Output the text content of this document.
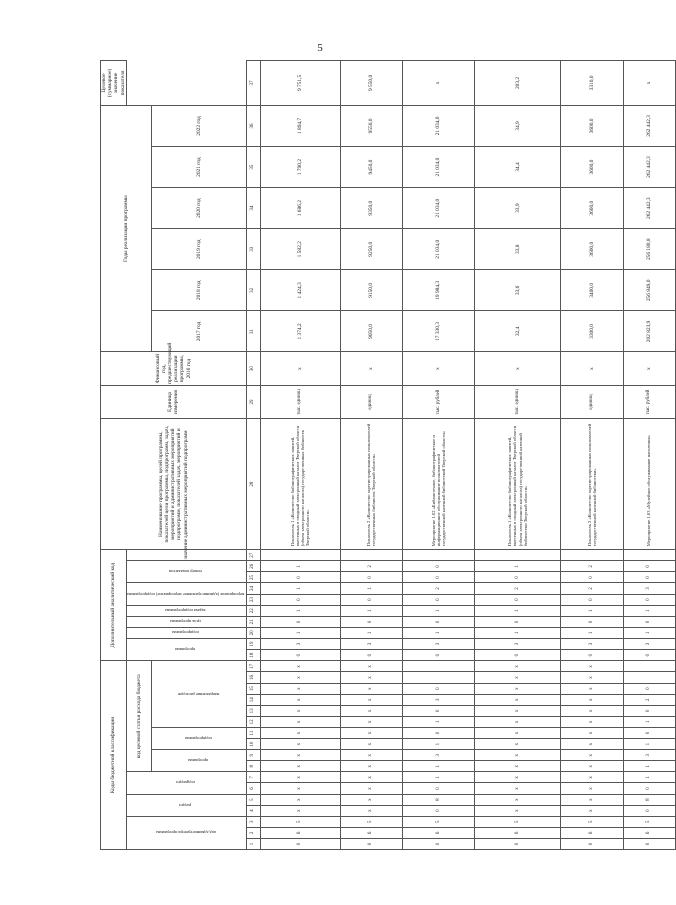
5
Коды бюджетной классификации																	Дополнительный аналитический код										Наименование программы, целей программы, показателей цели программы, подпрограмм, задач, мероприятий и административных мероприятий подпрограмм, показателей задач, мероприятий и административных мероприятий подпрограмм	Единица измерения	Финансовый год, предшествующий реализации программы, 2016 год	Годы реализации программы						Целевое (суммарное) значение показателя
код администратора программы			раздел		подраздел		код целевой статьи расхода бюджета										программа		подпрограмма	цель программы	задача подпрограммы	мероприятие (административное мероприятие) подпрограммы		номер показателя		значение										
							программа		подпрограмма		направление расходов																			2017 год	2018 год	2019 год	2020 год	2021 год	2022 год	
1	2	3	4	5	6	7	8	9	10	11	12	13	14	15	16	17	18	19	20	21	22	23	24	25	26	27	28	29	30	31	32	33	34	35	36	37
0	6	5	x	x	x	x	x	x	x	x	x	x	x	x	x	x	0	3	1	0	1	0	1	0	1		Показатель 1 «Количество библиографических записей, внесенных в сводный электронный каталог Тверской области (объем электронного каталога) государственных библиотек Тверской области»	тыс. единиц	x	1 374,2	1 424,3	1 582,2	1 686,2	1 790,2	1 894,7	9 751,5
0	6	5	x	x	x	x	x	x	x	x	x	x	x	x	x	x	0	3	1	0	1	0	1	0	2		Показатель 2 «Количество зарегистрированных пользователей государственных библиотек Тверской области»	единиц	x	9050,0	9150,0	9250,0	9350,0	9450,0	9550,0	9 550,0
0	6	5	0	8	0	1	1	3	1	0	1	0	3	0			0	3	1	0	1	0	2	0	0		Мероприятие 1.02 «Библиотечное, библиографическое и информационное обслуживание пользователей государственной казенной библиотекой Тверской области»	тыс. рублей	x	17 330,3	19 984,3	21 034,0	21 034,0	21 034,0	21 034,0	x
0	6	5	x	x	x	x	x	x	x	x	x	x	x	x	x	x	0	3	1	0	1	0	2	0	1		Показатель 1 «Количество библиографических записей, внесенных в сводный электронный каталог Тверской области (объем электронного каталога) государственной казенной библиотеки Тверской области»	тыс. единиц	x	32,4	33,6	33,8	33,9	34,4	34,9	203,2
0	6	5	x	x	x	x	x	x	x	x	x	x	x	x	x	x	0	3	1	0	1	0	2	0	2		Показатель 2 «Количество зарегистрированных пользователей государственной казенной библиотеки»	единиц	x	3300,0	3400,0	3600,0	3600,0	3600,0	3600,0	3310,0
0	6	5	0	8	0	1	1	3	1	0	1	0	2	0			0	3	1	0	1	0	3	0	0		Мероприятие 1.03 «Музейное обслуживание населения»	тыс. рублей	x	202 823,9	256 849,0	256 180,8	262 442,3	262 442,3	262 442,3	x
